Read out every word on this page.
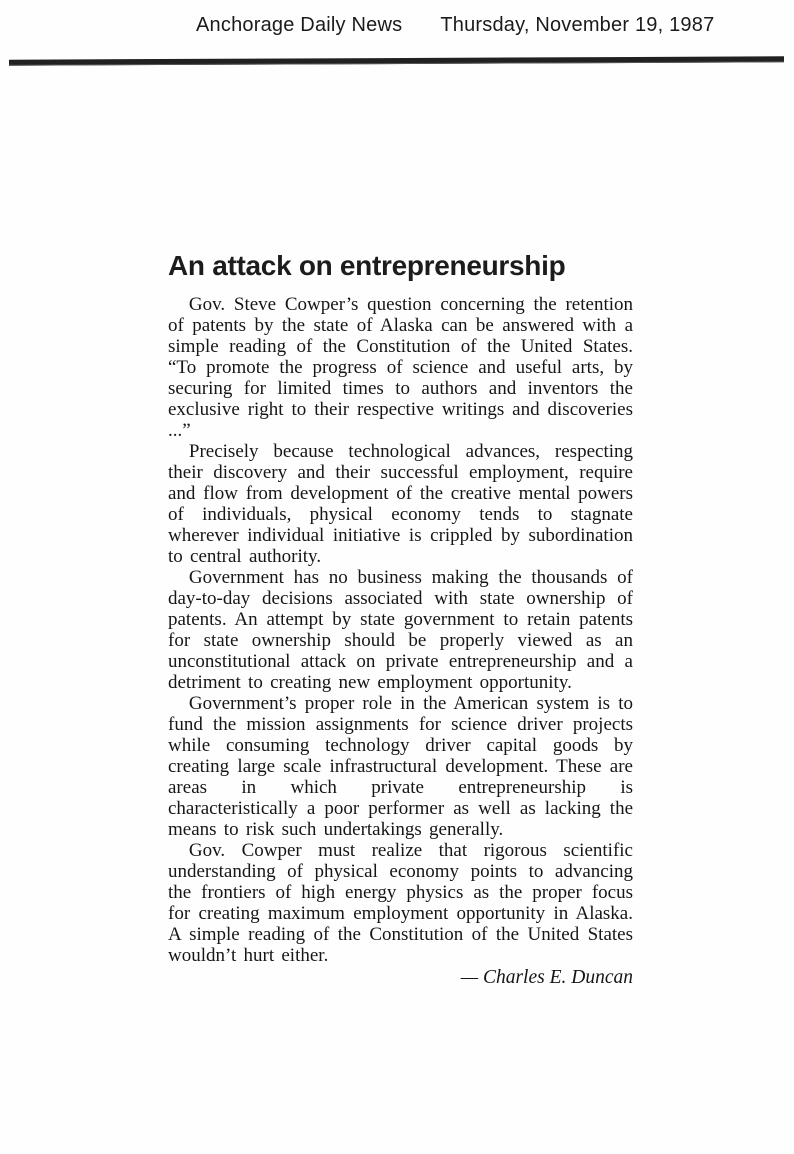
Anchorage Daily News Thursday, November 19, 1987
An attack on entrepreneurship

Gov. Steve Cowper’s question concerning the retention of patents by the state of Alaska can be answered with a simple reading of the Constitution of the United States. “To promote the progress of science and useful arts, by securing for limited times to authors and inventors the exclusive right to their respective writings and discoveries ...”

Precisely because technological advances, respecting their discovery and their successful employment, require and flow from development of the creative mental powers of individuals, physical economy tends to stagnate wherever individual initiative is crippled by subordination to central authority.

Government has no business making the thousands of day-to-day decisions associated with state ownership of patents. An attempt by state government to retain patents for state ownership should be properly viewed as an unconstitutional attack on private entrepreneurship and a detriment to creating new employment opportunity.

Government’s proper role in the American system is to fund the mission assignments for science driver projects while consuming technology driver capital goods by creating large scale infrastructural development. These are areas in which private entrepreneurship is characteristically a poor performer as well as lacking the means to risk such undertakings generally.

Gov. Cowper must realize that rigorous scientific understanding of physical economy points to advancing the frontiers of high energy physics as the proper focus for creating maximum employment opportunity in Alaska. A simple reading of the Constitution of the United States wouldn’t hurt either.

— Charles E. Duncan
